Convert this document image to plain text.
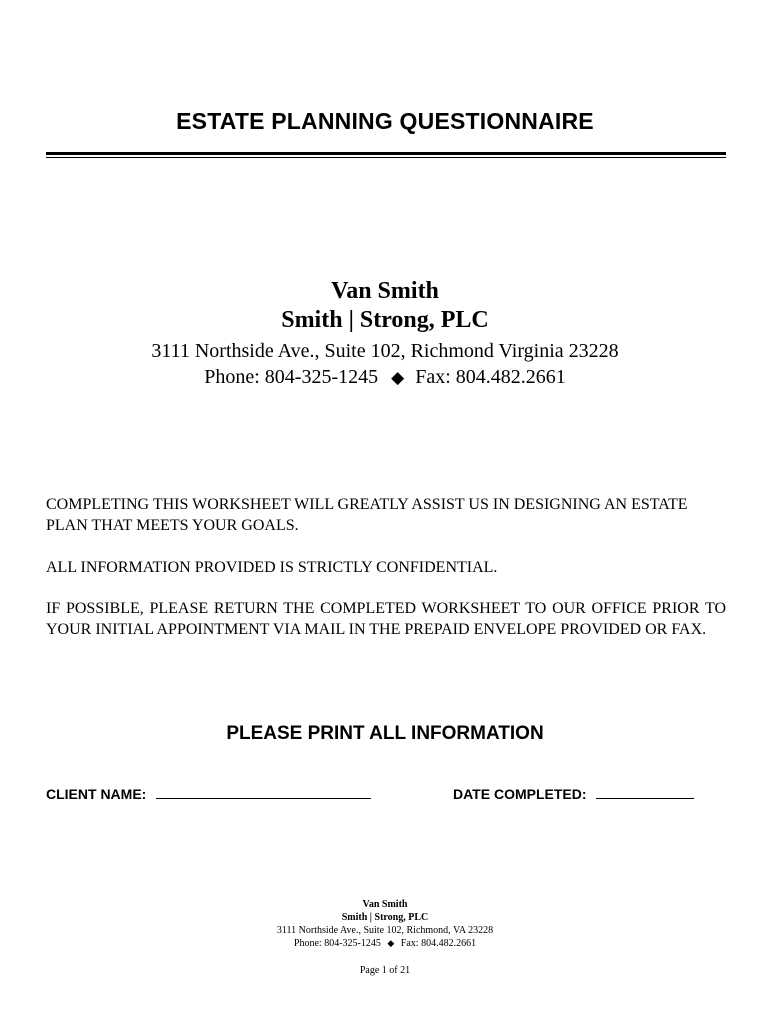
ESTATE PLANNING QUESTIONNAIRE
Van Smith
Smith | Strong, PLC
3111 Northside Ave., Suite 102, Richmond Virginia 23228
Phone: 804-325-1245 ◆ Fax: 804.482.2661

COMPLETING THIS WORKSHEET WILL GREATLY ASSIST US IN DESIGNING AN ESTATE PLAN THAT MEETS YOUR GOALS.

ALL INFORMATION PROVIDED IS STRICTLY CONFIDENTIAL.

IF POSSIBLE, PLEASE RETURN THE COMPLETED WORKSHEET TO OUR OFFICE PRIOR TO YOUR INITIAL APPOINTMENT VIA MAIL IN THE PREPAID ENVELOPE PROVIDED OR FAX.

PLEASE PRINT ALL INFORMATION
CLIENT NAME:	DATE COMPLETED:
Van Smith
Smith | Strong, PLC
3111 Northside Ave., Suite 102, Richmond, VA 23228
Phone: 804-325-1245 ◆ Fax: 804.482.2661
Page 1 of 21
